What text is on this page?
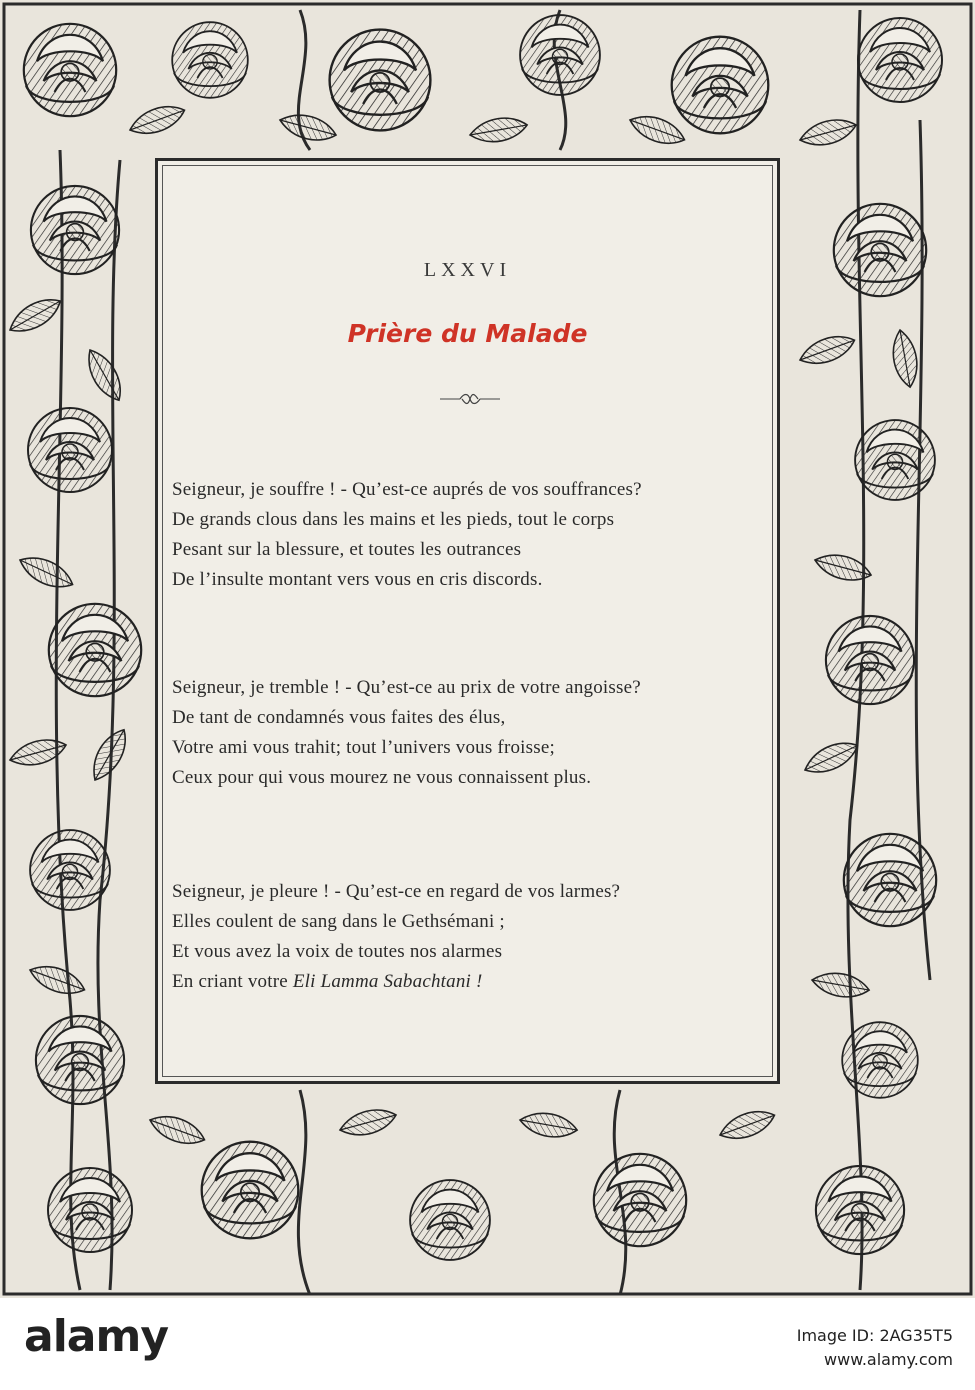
LXXVI
Prière du Malade
Seigneur, je souffre ! - Qu’est-ce auprés de vos souffrances?
De grands clous dans les mains et les pieds, tout le corps
Pesant sur la blessure, et toutes les outrances
De l’insulte montant vers vous en cris discords.
Seigneur, je tremble ! - Qu’est-ce au prix de votre angoisse?
De tant de condamnés vous faites des élus,
Votre ami vous trahit; tout l’univers vous froisse;
Ceux pour qui vous mourez ne vous connaissent plus.
Seigneur, je pleure ! - Qu’est-ce en regard de vos larmes?
Elles coulent de sang dans le Gethsémani ;
Et vous avez la voix de toutes nos alarmes
En criant votre Eli Lamma Sabachtani !
alamy	Image ID: 2AG35T5
www.alamy.com
